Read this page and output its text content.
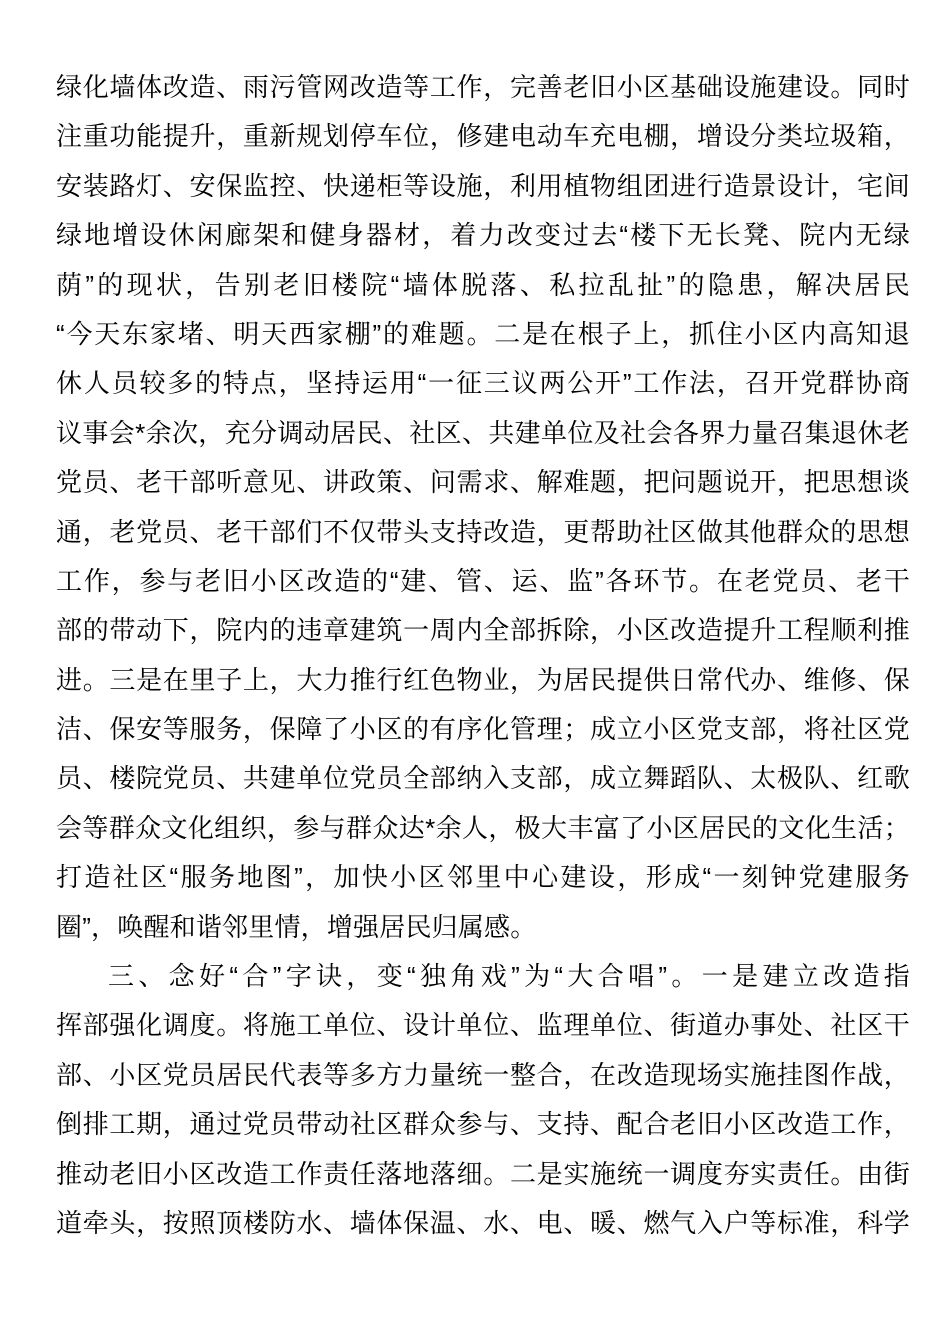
绿化墙体改造、雨污管网改造等工作，完善老旧小区基础设施建设。同时
注重功能提升，重新规划停车位，修建电动车充电棚，增设分类垃圾箱，
安装路灯、安保监控、快递柜等设施，利用植物组团进行造景设计，宅间
绿地增设休闲廊架和健身器材，着力改变过去“楼下无长凳、院内无绿
荫”的现状，告别老旧楼院“墙体脱落、私拉乱扯”的隐患，解决居民
“今天东家堵、明天西家棚”的难题。二是在根子上，抓住小区内高知退
休人员较多的特点，坚持运用“一征三议两公开”工作法，召开党群协商
议事会*余次，充分调动居民、社区、共建单位及社会各界力量召集退休老
党员、老干部听意见、讲政策、问需求、解难题，把问题说开，把思想谈
通，老党员、老干部们不仅带头支持改造，更帮助社区做其他群众的思想
工作，参与老旧小区改造的“建、管、运、监”各环节。在老党员、老干
部的带动下，院内的违章建筑一周内全部拆除，小区改造提升工程顺利推
进。三是在里子上，大力推行红色物业，为居民提供日常代办、维修、保
洁、保安等服务，保障了小区的有序化管理；成立小区党支部，将社区党
员、楼院党员、共建单位党员全部纳入支部，成立舞蹈队、太极队、红歌
会等群众文化组织，参与群众达*余人，极大丰富了小区居民的文化生活；
打造社区“服务地图”，加快小区邻里中心建设，形成“一刻钟党建服务
圈”，唤醒和谐邻里情，增强居民归属感。
三、念好“合”字诀，变“独角戏”为“大合唱”。一是建立改造指
挥部强化调度。将施工单位、设计单位、监理单位、街道办事处、社区干
部、小区党员居民代表等多方力量统一整合，在改造现场实施挂图作战，
倒排工期，通过党员带动社区群众参与、支持、配合老旧小区改造工作，
推动老旧小区改造工作责任落地落细。二是实施统一调度夯实责任。由街
道牵头，按照顶楼防水、墙体保温、水、电、暖、燃气入户等标准，科学
